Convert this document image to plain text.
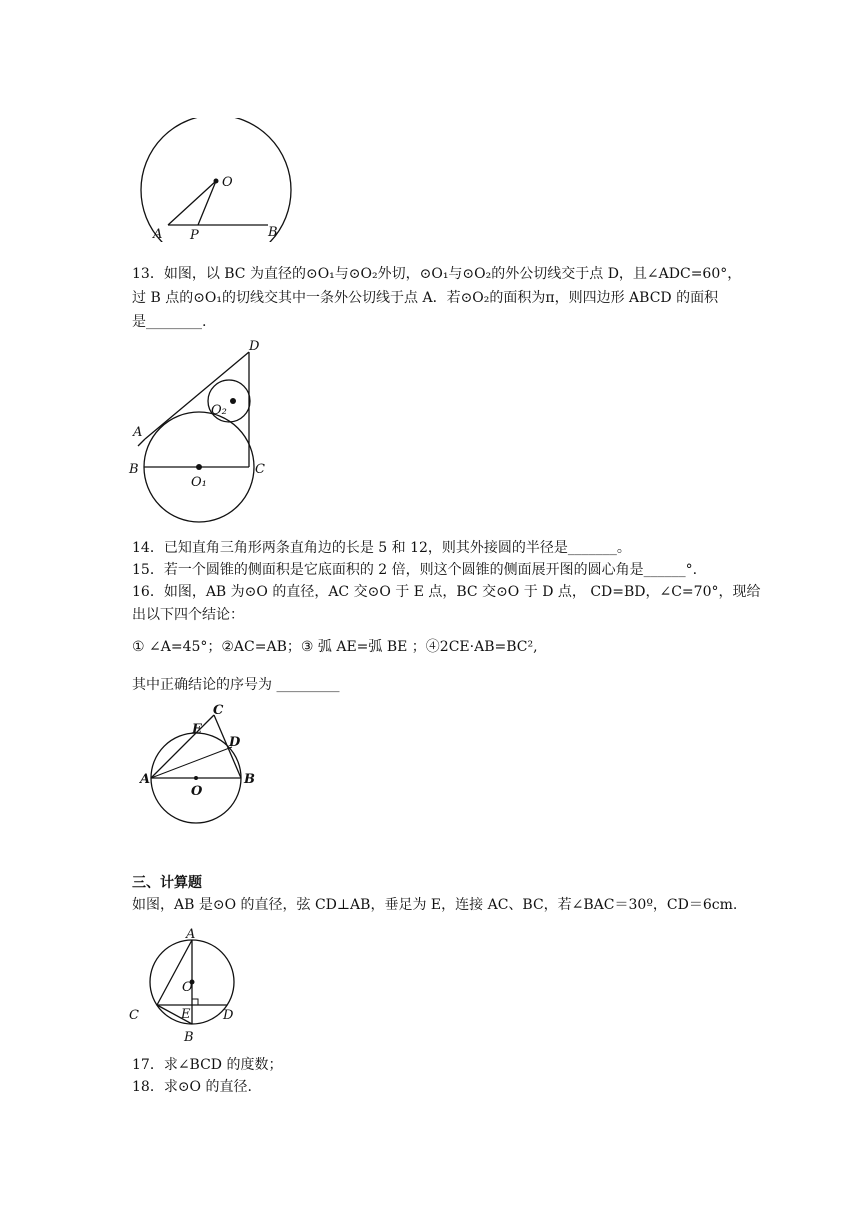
O
A P	B
13．如图，以 BC 为直径的⊙O₁与⊙O₂外切，⊙O₁与⊙O₂的外公切线交于点 D，且∠ADC=60°，
过 B 点的⊙O₁的切线交其中一条外公切线于点 A．若⊙O₂的面积为π，则四边形 ABCD 的面积
是________.
D
O₂
A
B	C
O₁
14．已知直角三角形两条直角边的长是 5 和 12，则其外接圆的半径是_______。
15．若一个圆锥的侧面积是它底面积的 2 倍，则这个圆锥的侧面展开图的圆心角是______°.
16．如图，AB 为⊙O 的直径，AC 交⊙O 于 E 点，BC 交⊙O 于 D 点， CD=BD，∠C=70°，现给
出以下四个结论：
① ∠A=45°；②AC=AB；③ 弧 AE=弧 BE ；④2CE·AB=BC²,
其中正确结论的序号为 _________
C
E
D
A	B
O
三、计算题
如图，AB 是⊙O 的直径，弦 CD⊥AB，垂足为 E，连接 AC、BC，若∠BAC＝30º，CD＝6cm.
A
O
C	E	D
B
17．求∠BCD 的度数；
18．求⊙O 的直径.
